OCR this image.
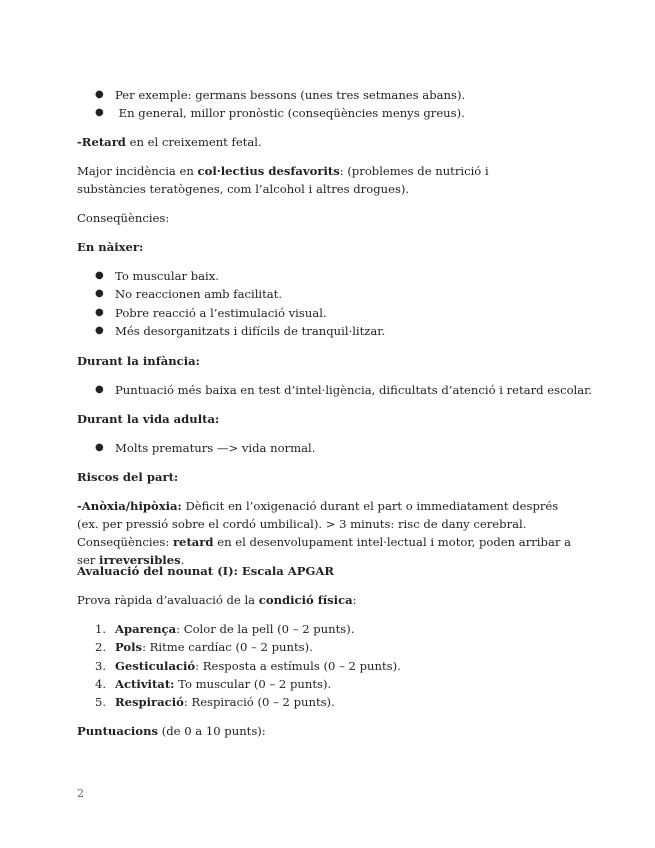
● Per exemple: germans bessons (unes tres setmanes abans).
● En general, millor pronòstic (conseqüències menys greus).
-Retard en el creixement fetal.
Major incidència en col·lectius desfavorits: (problemes de nutrició i substàncies teratògenes, com l’alcohol i altres drogues).
Conseqüències:
En nàixer:
● To muscular baix.
● No reaccionen amb facilitat.
● Pobre reacció a l’estimulació visual.
● Més desorganitzats i difícils de tranquil·litzar.
Durant la infància:
● Puntuació més baixa en test d’intel·ligència, dificultats d’atenció i retard escolar.
Durant la vida adulta:
● Molts prematurs —> vida normal.
Riscos del part:
-Anòxia/hipòxia: Dèficit en l’oxigenació durant el part o immediatament després (ex. per pressió sobre el cordó umbilical). > 3 minuts: risc de dany cerebral. Conseqüències: retard en el desenvolupament intel·lectual i motor, poden arribar a ser irreversibles.
Avaluació del nounat (I): Escala APGAR
Prova ràpida d’avaluació de la condició física:
1. Aparença: Color de la pell (0 – 2 punts).
2. Pols: Ritme cardíac (0 – 2 punts).
3. Gesticulació: Resposta a estímuls (0 – 2 punts).
4. Activitat: To muscular (0 – 2 punts).
5. Respiració: Respiració (0 – 2 punts).
Puntuacions (de 0 a 10 punts):
2
